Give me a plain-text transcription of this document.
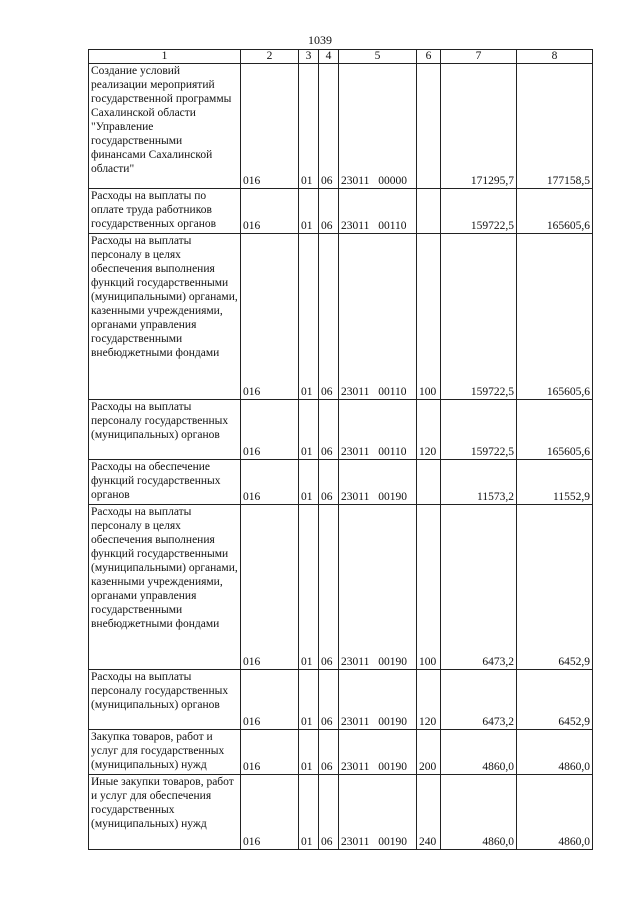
1039
1	2	3	4	5	6	7	8

Создание условий реализации мероприятий государственной программы Сахалинской области "Управление государственными финансами Сахалинской области"	016	01	06	23011 00000		171295,7	177158,5

Расходы на выплаты по оплате труда работников государственных органов	016	01	06	23011 00110		159722,5	165605,6

Расходы на выплаты персоналу в целях обеспечения выполнения функций государственными (муниципальными) органами, казенными учреждениями, органами управления государственными внебюджетными фондами	016	01	06	23011 00110	100	159722,5	165605,6

Расходы на выплаты персоналу государственных (муниципальных) органов	016	01	06	23011 00110	120	159722,5	165605,6

Расходы на обеспечение функций государственных органов	016	01	06	23011 00190		11573,2	11552,9

Расходы на выплаты персоналу в целях обеспечения выполнения функций государственными (муниципальными) органами, казенными учреждениями, органами управления государственными внебюджетными фондами	016	01	06	23011 00190	100	6473,2	6452,9

Расходы на выплаты персоналу государственных (муниципальных) органов	016	01	06	23011 00190	120	6473,2	6452,9

Закупка товаров, работ и услуг для государственных (муниципальных) нужд	016	01	06	23011 00190	200	4860,0	4860,0

Иные закупки товаров, работ и услуг для обеспечения государственных (муниципальных) нужд	016	01	06	23011 00190	240	4860,0	4860,0
